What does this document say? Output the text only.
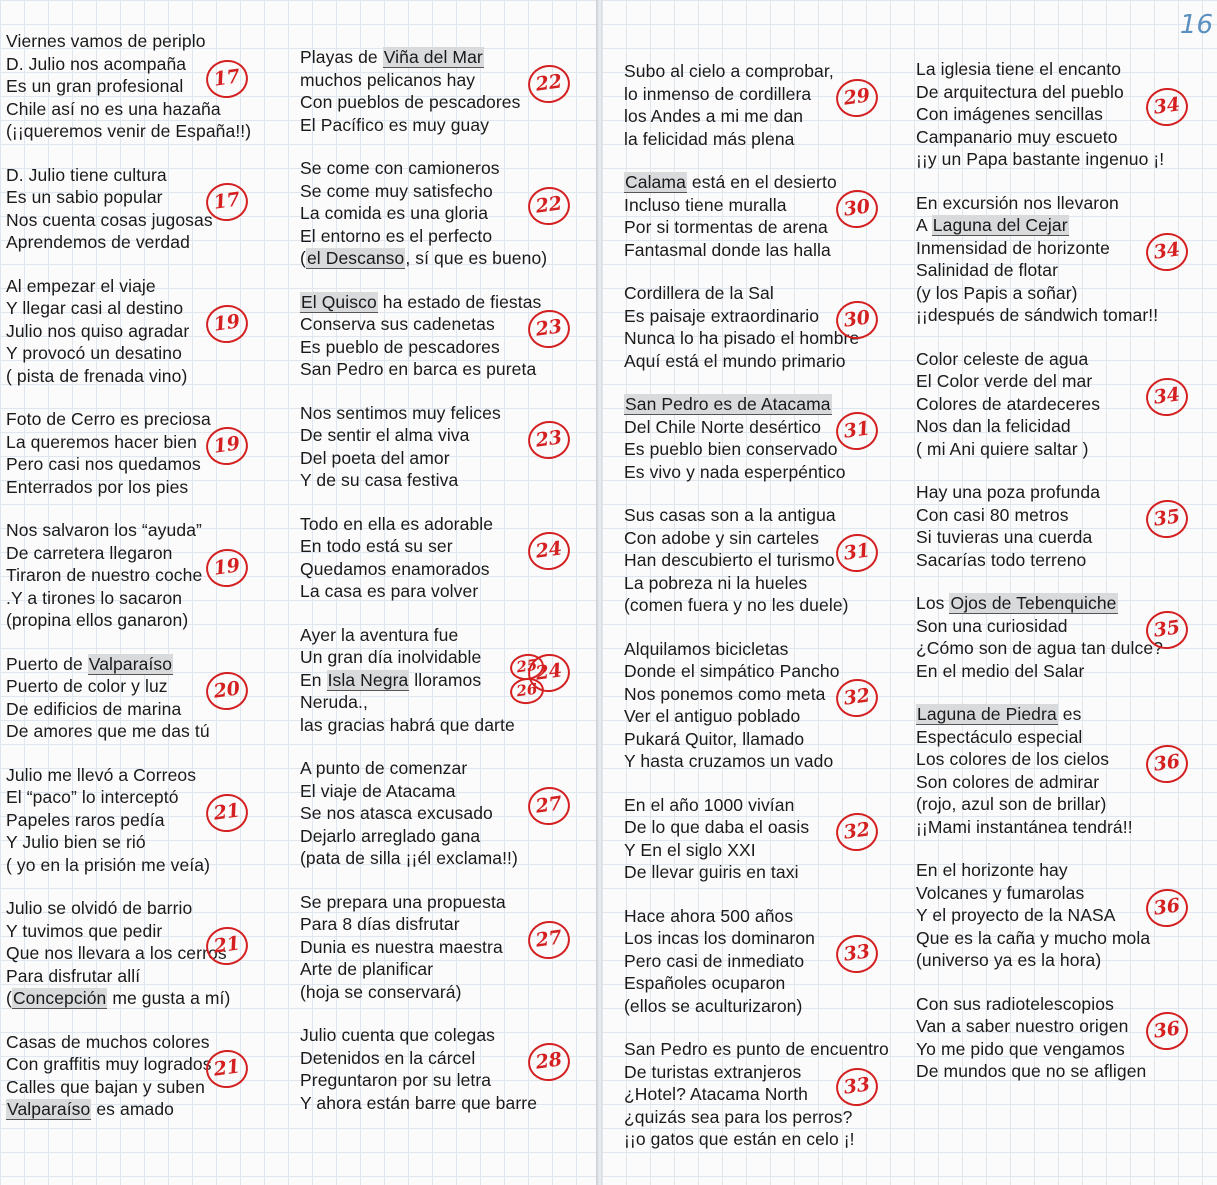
Viernes vamos de periplo
D. Julio nos acompaña
Es un gran profesional
Chile así no es una hazaña
(¡¡queremos venir de España!!)
17
D. Julio tiene cultura
Es un sabio popular
Nos cuenta cosas jugosas
Aprendemos de verdad
17
Al empezar el viaje
Y llegar casi al destino
Julio nos quiso agradar
Y provocó un desatino
( pista de frenada vino)
19
Foto de Cerro es preciosa
La queremos hacer bien
Pero casi nos quedamos
Enterrados por los pies
19
Nos salvaron los “ayuda”
De carretera llegaron
Tiraron de nuestro coche
.Y a tirones lo sacaron
(propina ellos ganaron)
19
Puerto de Valparaíso
Puerto de color y luz
De edificios de marina
De amores que me das tú
20
Julio me llevó a Correos
El “paco” lo interceptó
Papeles raros pedía
Y Julio bien se rió
( yo en la prisión me veía)
21
Julio se olvidó de barrio
Y tuvimos que pedir
Que nos llevara a los cerros
Para disfrutar allí
(Concepción me gusta a mí)
21
Casas de muchos colores
Con graffitis muy logrados
Calles que bajan y suben
Valparaíso es amado
21
Playas de Viña del Mar
muchos pelicanos hay
Con pueblos de pescadores
El Pacífico es muy guay
22
Se come con camioneros
Se come muy satisfecho
La comida es una gloria
El entorno es el perfecto
(el Descanso, sí que es bueno)
22
El Quisco ha estado de fiestas
Conserva sus cadenetas
Es pueblo de pescadores
San Pedro en barca es pureta
23
Nos sentimos muy felices
De sentir el alma viva
Del poeta del amor
Y de su casa festiva
23
Todo en ella es adorable
En todo está su ser
Quedamos enamorados
La casa es para volver
24
Ayer la aventura fue
Un gran día inolvidable
En Isla Negra lloramos
Neruda.,
las gracias habrá que darte
24
25
26
A punto de comenzar
El viaje de Atacama
Se nos atasca excusado
Dejarlo arreglado gana
(pata de silla ¡¡él exclama!!)
27
Se prepara una propuesta
Para 8 días disfrutar
Dunia es nuestra maestra
Arte de planificar
(hoja se conservará)
27
Julio cuenta que colegas
Detenidos en la cárcel
Preguntaron por su letra
Y ahora están barre que barre
28
Subo al cielo a comprobar,
lo inmenso de cordillera
los Andes a mi me dan
la felicidad más plena
29
Calama está en el desierto
Incluso tiene muralla
Por si tormentas de arena
Fantasmal donde las halla
30
Cordillera de la Sal
Es paisaje extraordinario
Nunca lo ha pisado el hombre
Aquí está el mundo primario
30
San Pedro es de Atacama
Del Chile Norte desértico
Es pueblo bien conservado
Es vivo y nada esperpéntico
31
Sus casas son a la antigua
Con adobe y sin carteles
Han descubierto el turismo
La pobreza ni la hueles
(comen fuera y no les duele)
31
Alquilamos bicicletas
Donde el simpático Pancho
Nos ponemos como meta
Ver el antiguo poblado
Pukará Quitor, llamado
Y hasta cruzamos un vado
32
En el año 1000 vivían
De lo que daba el oasis
Y En el siglo XXI
De llevar guiris en taxi
32
Hace ahora 500 años
Los incas los dominaron
Pero casi de inmediato
Españoles ocuparon
(ellos se aculturizaron)
33
San Pedro es punto de encuentro
De turistas extranjeros
¿Hotel? Atacama North
¿quizás sea para los perros?
¡¡o gatos que están en celo ¡!
33
La iglesia tiene el encanto
De arquitectura del pueblo
Con imágenes sencillas
Campanario muy escueto
¡¡y un Papa bastante ingenuo ¡!
34
En excursión nos llevaron
A Laguna del Cejar
Inmensidad de horizonte
Salinidad de flotar
(y los Papis a soñar)
¡¡después de sándwich tomar!!
34
Color celeste de agua
El Color verde del mar
Colores de atardeceres
Nos dan la felicidad
( mi Ani quiere saltar )
34
Hay una poza profunda
Con casi 80 metros
Si tuvieras una cuerda
Sacarías todo terreno
35
Los Ojos de Tebenquiche
Son una curiosidad
¿Cómo son de agua tan dulce?
En el medio del Salar
35
Laguna de Piedra es
Espectáculo especial
Los colores de los cielos
Son colores de admirar
(rojo, azul son de brillar)
¡¡Mami instantánea tendrá!!
36
En el horizonte hay
Volcanes y fumarolas
Y el proyecto de la NASA
Que es la caña y mucho mola
(universo ya es la hora)
36
Con sus radiotelescopios
Van a saber nuestro origen
Yo me pido que vengamos
De mundos que no se afligen
36
16
